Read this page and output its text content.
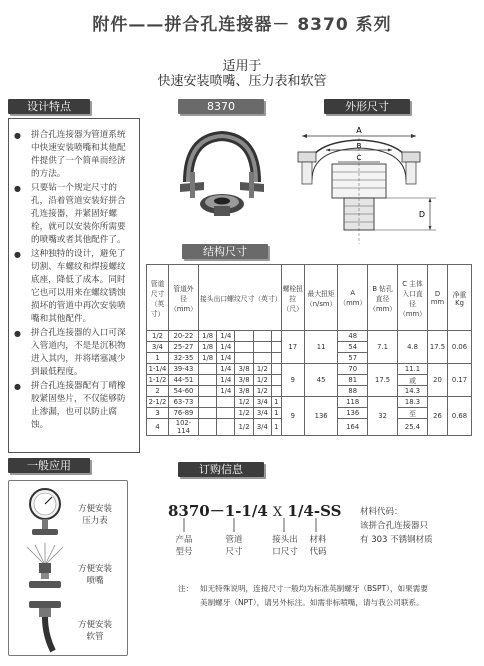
附件——拼合孔连接器－ 8370 系列
适用于
快速安装喷嘴、压力表和软管
设计特点	8370	外形尺寸
● 拼合孔连接器为管道系统中快速安装喷嘴和其他配件提供了一个简单而经济的方法。
● 只要钻一个规定尺寸的孔，沿着管道安装好拼合孔连接器，并紧固好螺栓，就可以安装你所需要的喷嘴或者其他配件了。
● 这种独特的设计，避免了切割、车螺纹和焊接螺纹底座，降低了成本。同时它也可以用来在螺纹锈蚀损坏的管道中再次安装喷嘴和其他配件。
● 拼合孔连接器的入口可深入管道内，不是是沉积物进入其内，并将堵塞减少到最低程度。
● 拼合孔连接器配有丁晴橡胶紧固垫片，不仅能够防止渗漏，也可以防止腐蚀。
A
B
C
D
结构尺寸
管道尺寸（英寸）	管道外径（mm）	接头出口螺纹尺寸（英寸）					螺栓扭拉（尺）	最大扭矩（n/sm）	A（mm）	B 钻孔直径（mm）	C 主体入口直径（mm）	D mm	净重 Kg
1/2	20-22	1/8	1/4				17	11	48	7.1	4.8	17.5	0.06
3/4	25-27	1/8	1/4						54				
1	32-35	1/8	1/4						57				
1-1/4	39-43		1/4	3/8	1/2		9	45	70	17.5	11.1	20	0.17
1-1/2	44-51		1/4	3/8	1/2				81		或		
2	54-60		1/4	3/8	1/2				88		14.3		
2-1/2	63-73			1/2	3/4	1	9	136	118	32	18.3	26	0.68
3	76-89			1/2	3/4	1			136		至		
4	102-114			1/2	3/4	1			164		25.4		
一般应用
方便安装
压力表
方便安装
喷嘴
方便安装
软管
订购信息
8370－1-1/4 X 1/4-SS
产品
型号
管道
尺寸
接头出
口尺寸
材料
代码
材料代码：
该拼合孔连接器只
有 303 不锈钢材质
注： 如无特殊说明，连接尺寸一般均为标准英制螺牙（BSPT），如果需要
美制螺牙（NPT），请另外标注。如需非标喷嘴，请与我公司联系。
